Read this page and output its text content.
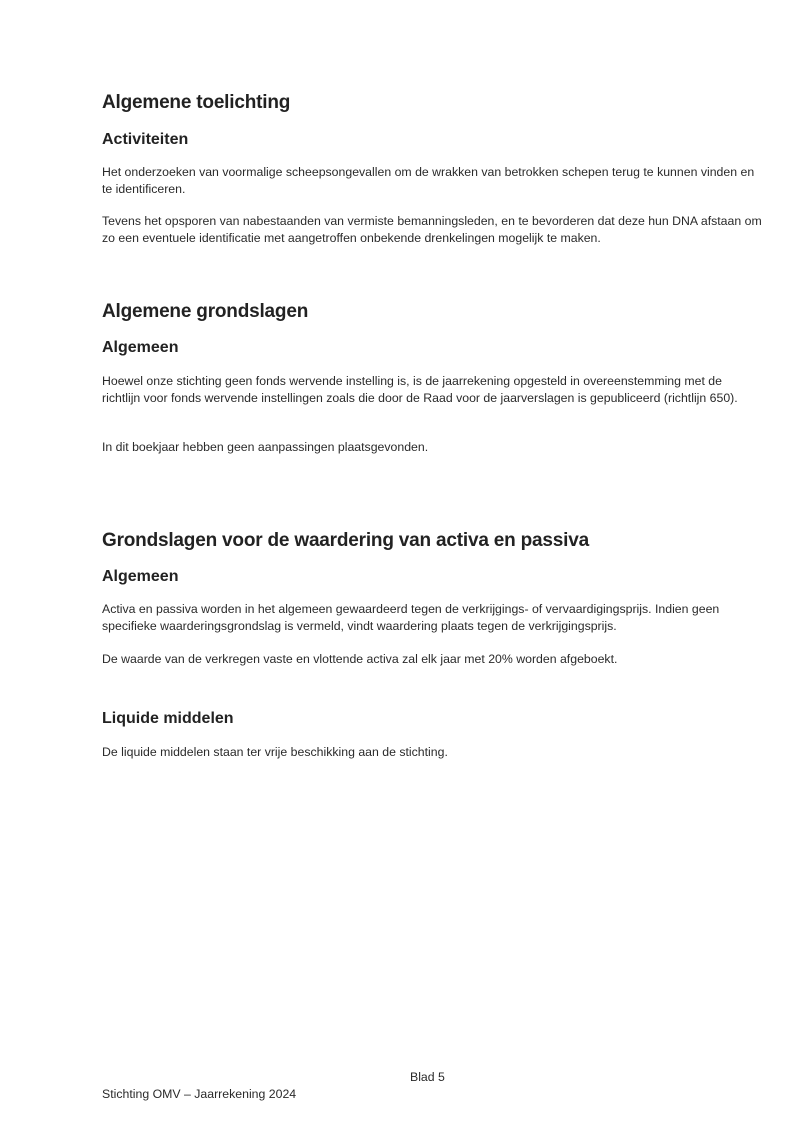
Algemene toelichting
Activiteiten

Het onderzoeken van voormalige scheepsongevallen om de wrakken van betrokken schepen terug te kunnen vinden en te identificeren.

Tevens het opsporen van nabestaanden van vermiste bemanningsleden, en te bevorderen dat deze hun DNA afstaan om zo een eventuele identificatie met aangetroffen onbekende drenkelingen mogelijk te maken.

Algemene grondslagen
Algemeen

Hoewel onze stichting geen fonds wervende instelling is, is de jaarrekening opgesteld in overeenstemming met de richtlijn voor fonds wervende instellingen zoals die door de Raad voor de jaarverslagen is gepubliceerd (richtlijn 650).

In dit boekjaar hebben geen aanpassingen plaatsgevonden.

Grondslagen voor de waardering van activa en passiva
Algemeen

Activa en passiva worden in het algemeen gewaardeerd tegen de verkrijgings- of vervaardigingsprijs. Indien geen specifieke waarderingsgrondslag is vermeld, vindt waardering plaats tegen de verkrijgingsprijs.

De waarde van de verkregen vaste en vlottende activa zal elk jaar met 20% worden afgeboekt.

Liquide middelen

De liquide middelen staan ter vrije beschikking aan de stichting.

Blad 5
Stichting OMV – Jaarrekening 2024
